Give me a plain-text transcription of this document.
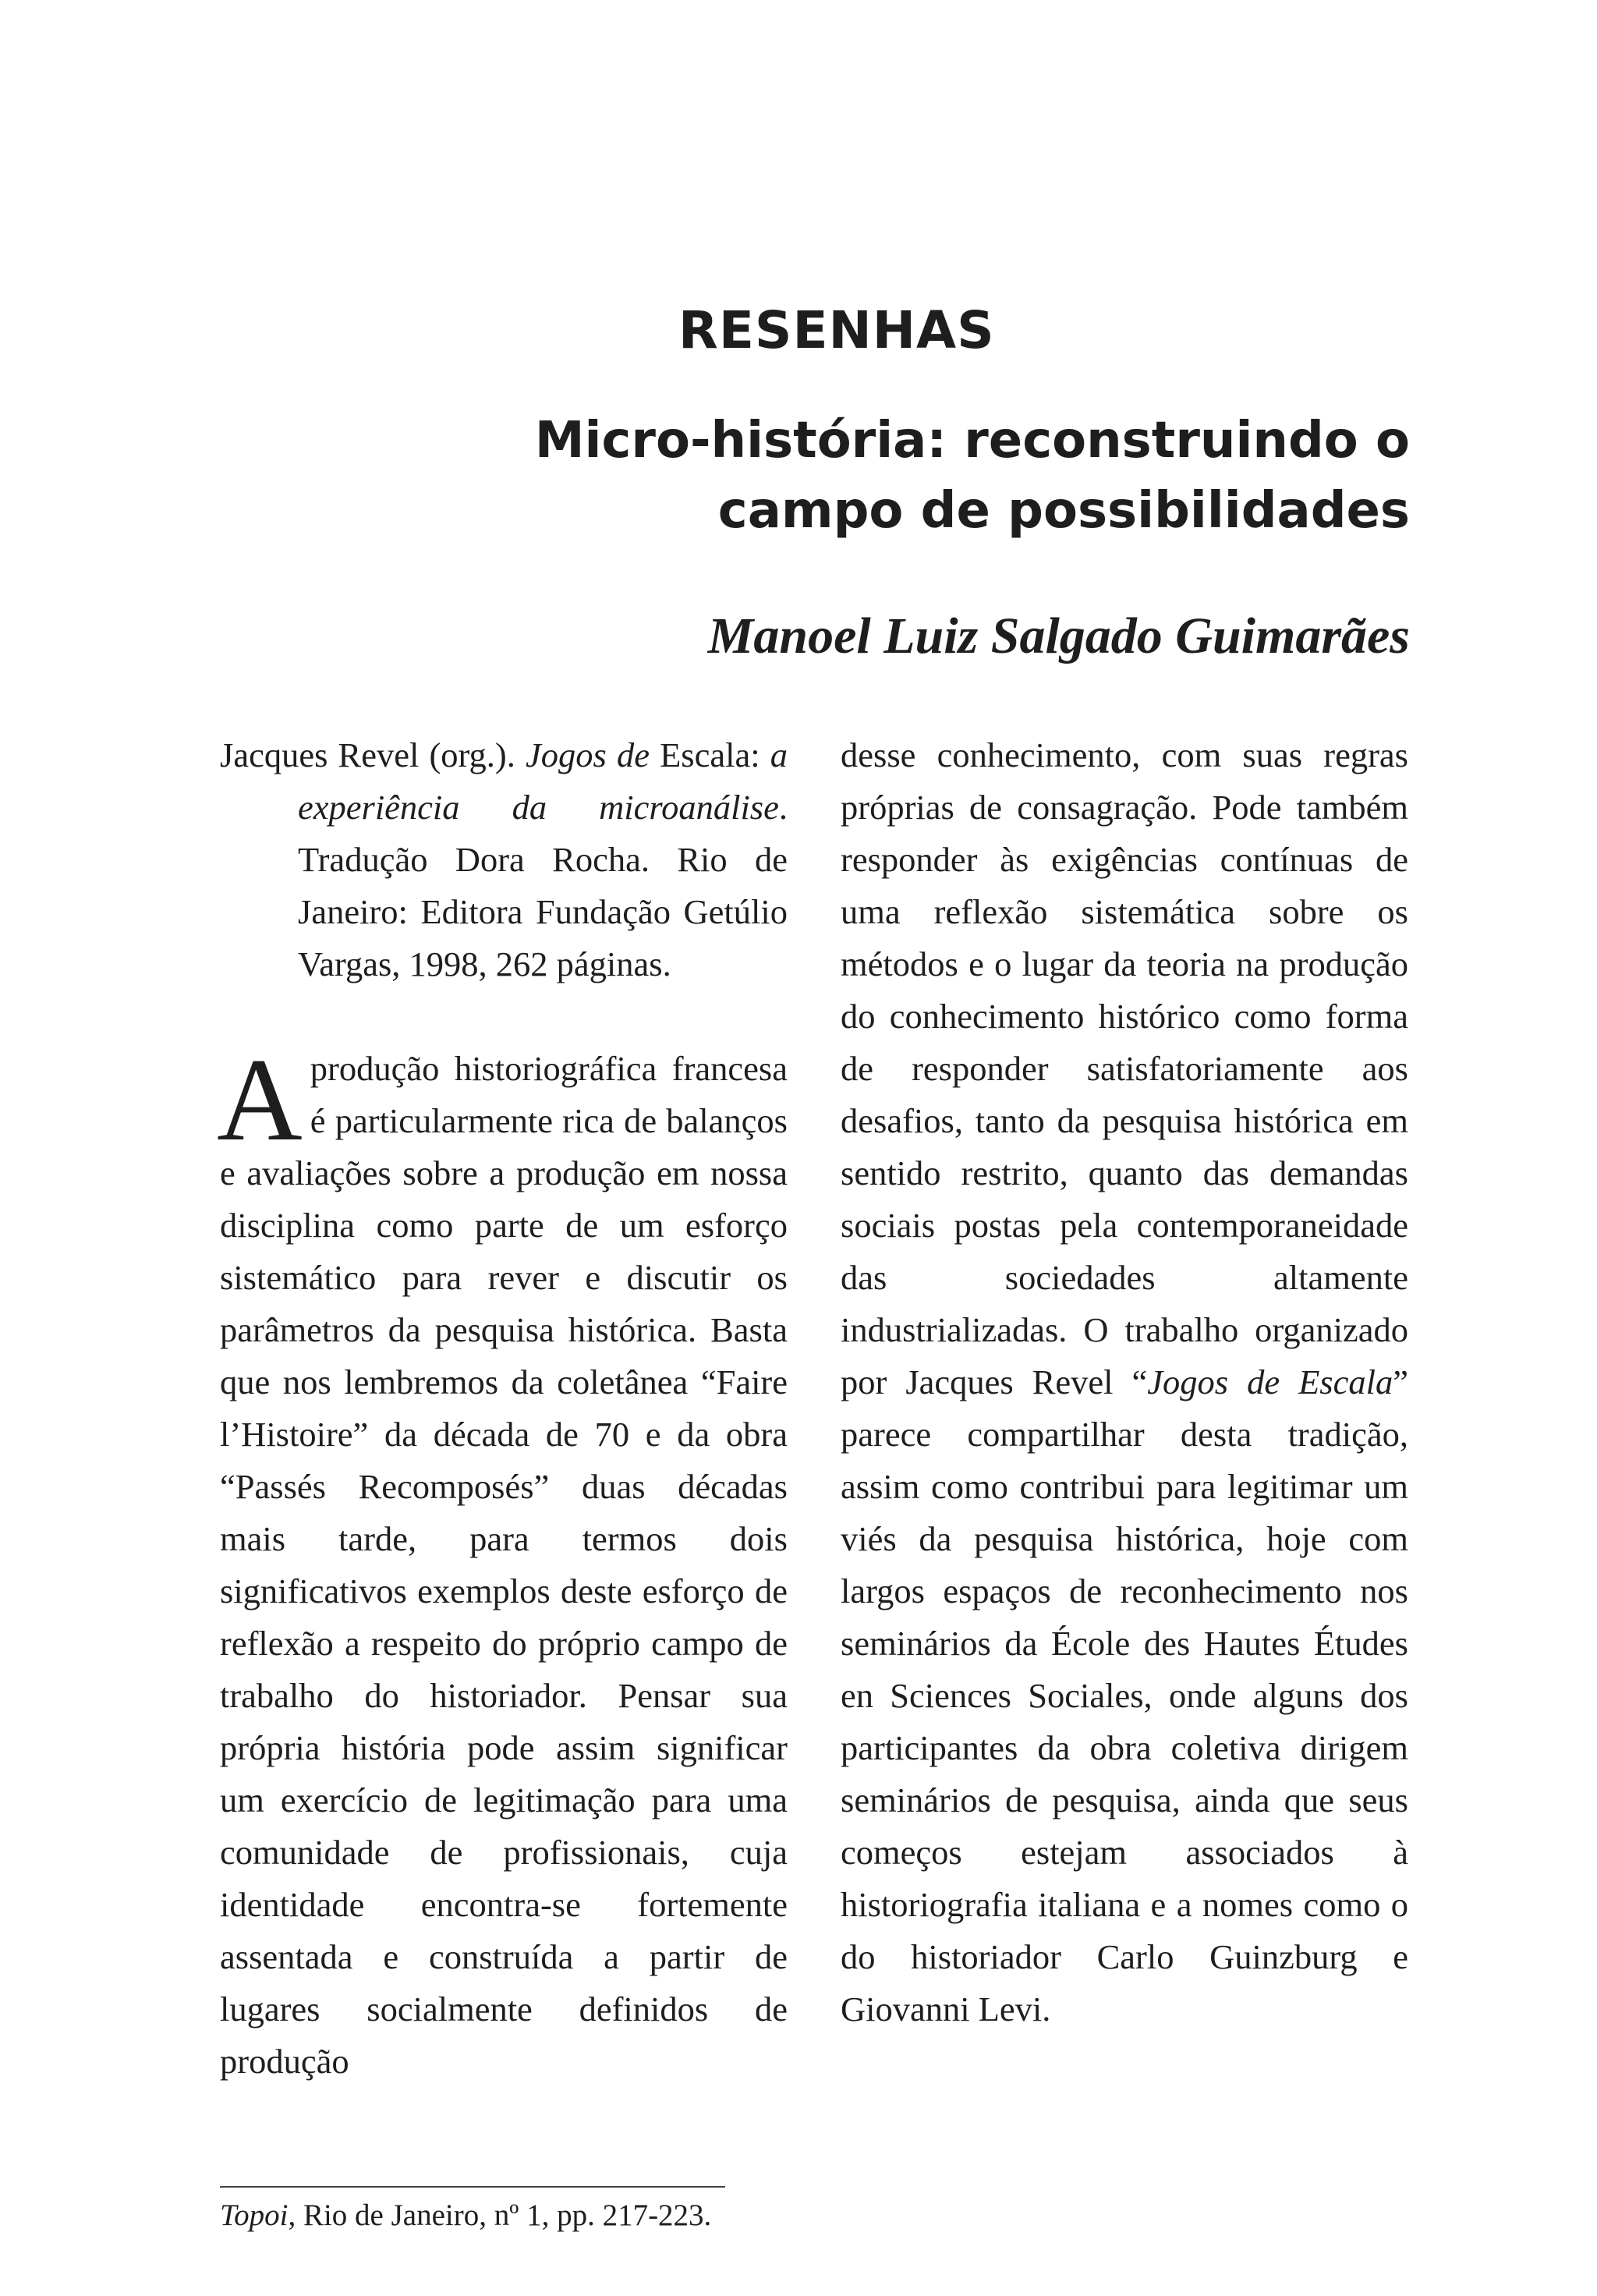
RESENHAS
Micro-história: reconstruindo o
campo de possibilidades

Manoel Luiz Salgado Guimarães

Jacques Revel (org.). Jogos de Escala: a experiência da microanálise. Tradução Dora Rocha. Rio de Janeiro: Editora Fundação Getúlio Vargas, 1998, 262 páginas.

A produção historiográfica francesa é particularmente rica de balanços e avaliações sobre a produção em nossa disciplina como parte de um esforço sistemático para rever e discutir os parâmetros da pesquisa histórica. Basta que nos lembremos da coletânea “Faire l’Histoire” da década de 70 e da obra “Passés Recomposés” duas décadas mais tarde, para termos dois significativos exemplos deste esforço de reflexão a respeito do próprio campo de trabalho do historiador. Pensar sua própria história pode assim significar um exercício de legitimação para uma comunidade de profissionais, cuja identidade encontra-se fortemente assentada e construída a partir de lugares socialmente definidos de produção

desse conhecimento, com suas regras próprias de consagração. Pode também responder às exigências contínuas de uma reflexão sistemática sobre os métodos e o lugar da teoria na produção do conhecimento histórico como forma de responder satisfatoriamente aos desafios, tanto da pesquisa histórica em sentido restrito, quanto das demandas sociais postas pela contemporaneidade das sociedades altamente industrializadas. O trabalho organizado por Jacques Revel “Jogos de Escala” parece compartilhar desta tradição, assim como contribui para legitimar um viés da pesquisa histórica, hoje com largos espaços de reconhecimento nos seminários da École des Hautes Études en Sciences Sociales, onde alguns dos participantes da obra coletiva dirigem seminários de pesquisa, ainda que seus começos estejam associados à historiografia italiana e a nomes como o do historiador Carlo Guinzburg e Giovanni Levi.

Topoi, Rio de Janeiro, nº 1, pp. 217-223.
